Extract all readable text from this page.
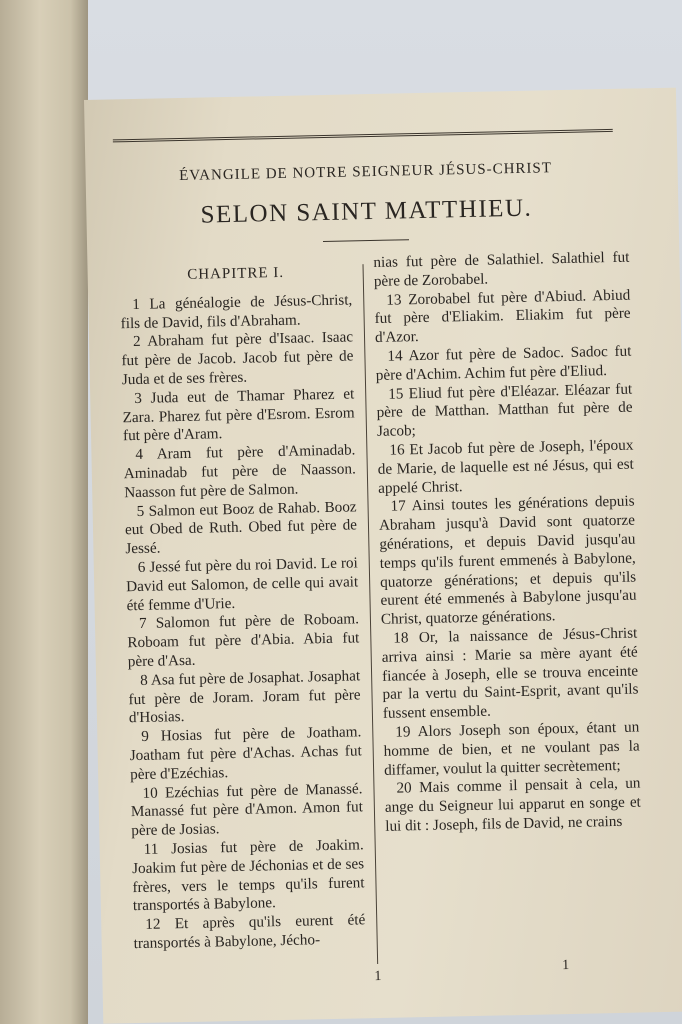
ÉVANGILE DE NOTRE SEIGNEUR JÉSUS-CHRIST
SELON SAINT MATTHIEU.
CHAPITRE I.

1 La généalogie de Jésus-Christ, fils de David, fils d'Abraham.

2 Abraham fut père d'Isaac. Isaac fut père de Jacob. Jacob fut père de Juda et de ses frères.

3 Juda eut de Thamar Pharez et Zara. Pharez fut père d'Esrom. Esrom fut père d'Aram.

4 Aram fut père d'Aminadab. Aminadab fut père de Naasson. Naasson fut père de Salmon.

5 Salmon eut Booz de Rahab. Booz eut Obed de Ruth. Obed fut père de Jessé.

6 Jessé fut père du roi David. Le roi David eut Salomon, de celle qui avait été femme d'Urie.

7 Salomon fut père de Roboam. Roboam fut père d'Abia. Abia fut père d'Asa.

8 Asa fut père de Josaphat. Josaphat fut père de Joram. Joram fut père d'Hosias.

9 Hosias fut père de Joatham. Joatham fut père d'Achas. Achas fut père d'Ezéchias.

10 Ezéchias fut père de Manassé. Manassé fut père d'Amon. Amon fut père de Josias.

11 Josias fut père de Joakim. Joakim fut père de Jéchonias et de ses frères, vers le temps qu'ils furent transportés à Babylone.

12 Et après qu'ils eurent été transportés à Babylone, Jécho-

nias fut père de Salathiel. Salathiel fut père de Zorobabel.

13 Zorobabel fut père d'Abiud. Abiud fut père d'Eliakim. Eliakim fut père d'Azor.

14 Azor fut père de Sadoc. Sadoc fut père d'Achim. Achim fut père d'Eliud.

15 Eliud fut père d'Eléazar. Eléazar fut père de Matthan. Matthan fut père de Jacob;

16 Et Jacob fut père de Joseph, l'époux de Marie, de laquelle est né Jésus, qui est appelé Christ.

17 Ainsi toutes les générations depuis Abraham jusqu'à David sont quatorze générations, et depuis David jusqu'au temps qu'ils furent emmenés à Babylone, quatorze générations; et depuis qu'ils eurent été emmenés à Babylone jusqu'au Christ, quatorze générations.

18 Or, la naissance de Jésus-Christ arriva ainsi : Marie sa mère ayant été fiancée à Joseph, elle se trouva enceinte par la vertu du Saint-Esprit, avant qu'ils fussent ensemble.

19 Alors Joseph son époux, étant un homme de bien, et ne voulant pas la diffamer, voulut la quitter secrètement;

20 Mais comme il pensait à cela, un ange du Seigneur lui apparut en songe et lui dit : Joseph, fils de David, ne crains

1
1
